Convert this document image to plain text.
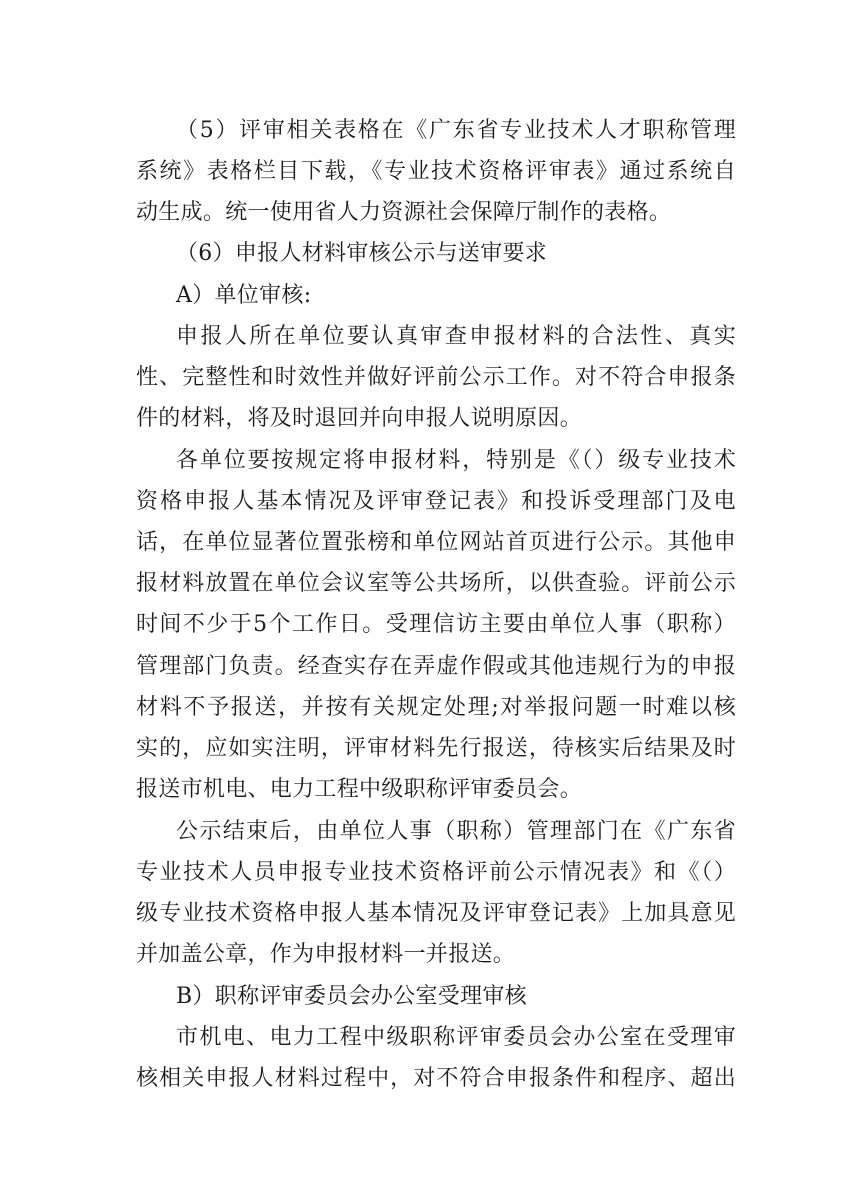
（5）评审相关表格在《广东省专业技术人才职称管理
系统》表格栏目下载，《专业技术资格评审表》通过系统自
动生成。统一使用省人力资源社会保障厅制作的表格。
（6）申报人材料审核公示与送审要求
A）单位审核:
申报人所在单位要认真审查申报材料的合法性、真实
性、完整性和时效性并做好评前公示工作。对不符合申报条
件的材料，将及时退回并向申报人说明原因。
各单位要按规定将申报材料，特别是《（）级专业技术
资格申报人基本情况及评审登记表》和投诉受理部门及电
话，在单位显著位置张榜和单位网站首页进行公示。其他申
报材料放置在单位会议室等公共场所，以供查验。评前公示
时间不少于5个工作日。受理信访主要由单位人事（职称）
管理部门负责。经查实存在弄虚作假或其他违规行为的申报
材料不予报送，并按有关规定处理;对举报问题一时难以核
实的，应如实注明，评审材料先行报送，待核实后结果及时
报送市机电、电力工程中级职称评审委员会。
公示结束后，由单位人事（职称）管理部门在《广东省
专业技术人员申报专业技术资格评前公示情况表》和《（）
级专业技术资格申报人基本情况及评审登记表》上加具意见
并加盖公章，作为申报材料一并报送。
B）职称评审委员会办公室受理审核
市机电、电力工程中级职称评审委员会办公室在受理审
核相关申报人材料过程中，对不符合申报条件和程序、超出
